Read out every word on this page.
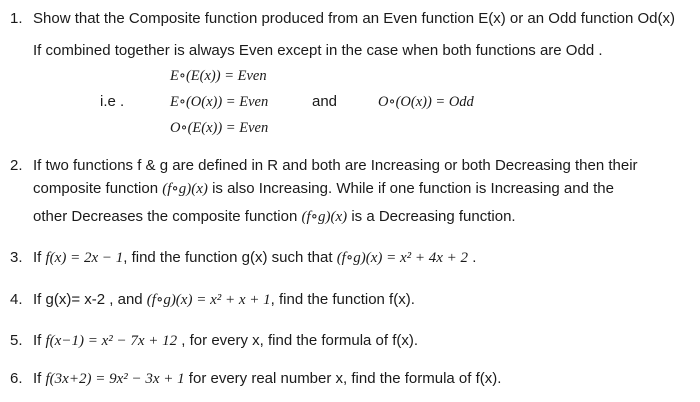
1. Show that the Composite function produced from an Even function E(x) or an Odd function Od(x)
If combined together is always Even except in the case when both functions are Odd .
E∘(E(x)) = Even
i.e .	E∘(O(x)) = Even	and	O∘(O(x)) = Odd
O∘(E(x)) = Even
2. If two functions f & g are defined in R and both are Increasing or both Decreasing then their
composite function (f∘g)(x) is also Increasing. While if one function is Increasing and the
other Decreases the composite function (f∘g)(x) is a Decreasing function.
3. If f(x) = 2x − 1, find the function g(x) such that (f∘g)(x) = x² + 4x + 2 .
4. If g(x)= x-2 , and (f∘g)(x) = x² + x + 1, find the function f(x).
5. If f(x−1) = x² − 7x + 12 , for every x, find the formula of f(x).
6. If f(3x+2) = 9x² − 3x + 1 for every real number x, find the formula of f(x).
